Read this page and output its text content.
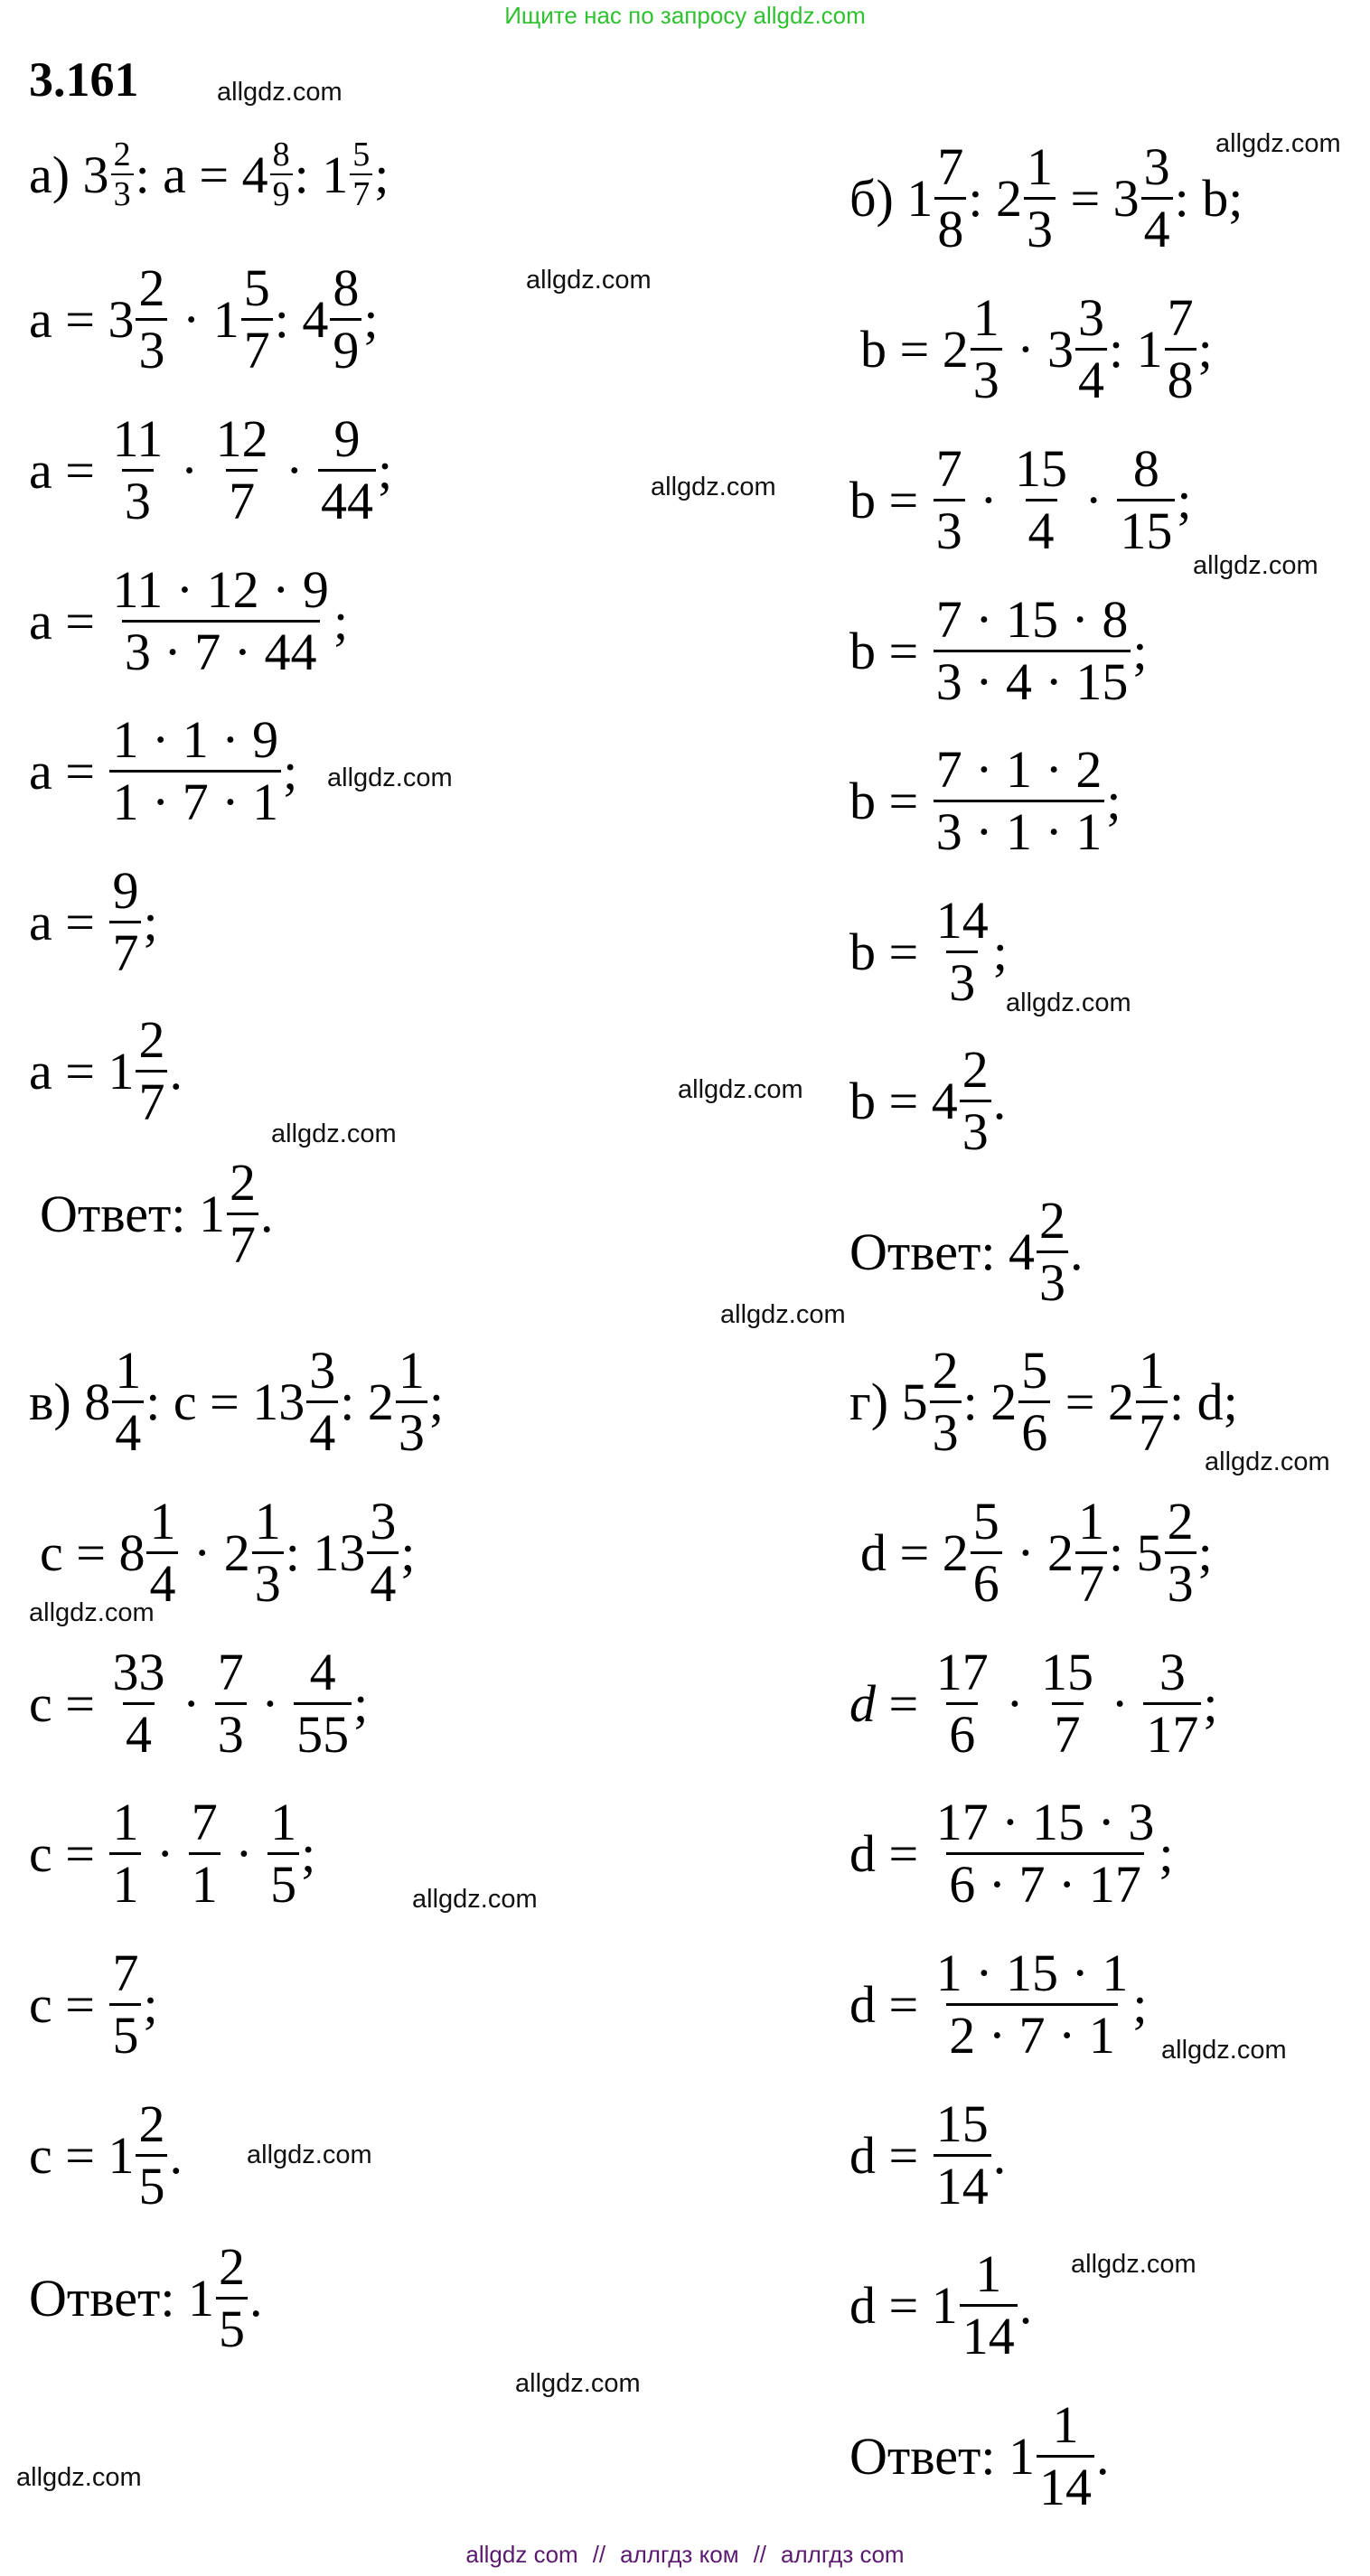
Ищите нас по запросу allgdz.com
3.161
а) $3 \frac{2}{3}$ : $a = 4 \frac{8}{9}$ : $1 \frac{5}{7}$ ;
$a = 3 \frac{2}{3} \cdot 1 \frac{5}{7}$ : $4 \frac{8}{9}$ ;
$a = \frac{11}{3} \cdot \frac{12}{7} \cdot \frac{9}{44}$ ;
$a = \frac{11 \cdot 12 \cdot 9}{3 \cdot 7 \cdot 44}$ ;
$a = \frac{1 \cdot 1 \cdot 9}{1 \cdot 7 \cdot 1}$ ;
$a = \frac{9}{7}$ ;
$a = 1 \frac{2}{7}$ .
Ответ: $1 \frac{2}{7}$ .
б) $1 \frac{7}{8}$ : $2 \frac{1}{3} = 3 \frac{3}{4}$ : b;
$b = 2 \frac{1}{3} \cdot 3 \frac{3}{4}$ : $1 \frac{7}{8}$ ;
$b = \frac{7}{3} \cdot \frac{15}{4} \cdot \frac{8}{15}$ ;
$b = \frac{7 \cdot 15 \cdot 8}{3 \cdot 4 \cdot 15}$ ;
$b = \frac{7 \cdot 1 \cdot 2}{3 \cdot 1 \cdot 1}$ ;
$b = \frac{14}{3}$ ;
$b = 4 \frac{2}{3}$ .
Ответ: $4 \frac{2}{3}$ .
в) $8 \frac{1}{4}$ : $c = 13 \frac{3}{4}$ : $2 \frac{1}{3}$ ;
$c = 8 \frac{1}{4} \cdot 2 \frac{1}{3}$ : $13 \frac{3}{4}$ ;
$c = \frac{33}{4} \cdot \frac{7}{3} \cdot \frac{4}{55}$ ;
$c = \frac{1}{1} \cdot \frac{7}{1} \cdot \frac{1}{5}$ ;
$c = \frac{7}{5}$ ;
$c = 1 \frac{2}{5}$ .
Ответ: $1 \frac{2}{5}$ .
г) $5 \frac{2}{3}$ : $2 \frac{5}{6} = 2 \frac{1}{7}$ : d;
$d = 2 \frac{5}{6} \cdot 2 \frac{1}{7}$ : $5 \frac{2}{3}$ ;
$d = \frac{17}{6} \cdot \frac{15}{7} \cdot \frac{3}{17}$ ;
$d = \frac{17 \cdot 15 \cdot 3}{6 \cdot 7 \cdot 17}$ ;
$d = \frac{1 \cdot 15 \cdot 1}{2 \cdot 7 \cdot 1}$ ;
$d = \frac{15}{14}$ .
$d = 1 \frac{1}{14}$ .
Ответ: $1 \frac{1}{14}$ .
allgdz.com
allgdz.com
allgdz.com
allgdz.com
allgdz.com
allgdz.com
allgdz.com
allgdz.com
allgdz.com
allgdz.com
allgdz.com
allgdz.com
allgdz.com
allgdz.com
allgdz.com
allgdz.com
allgdz.com
allgdz.com
allgdz com // аллгдз ком // аллгдз com
